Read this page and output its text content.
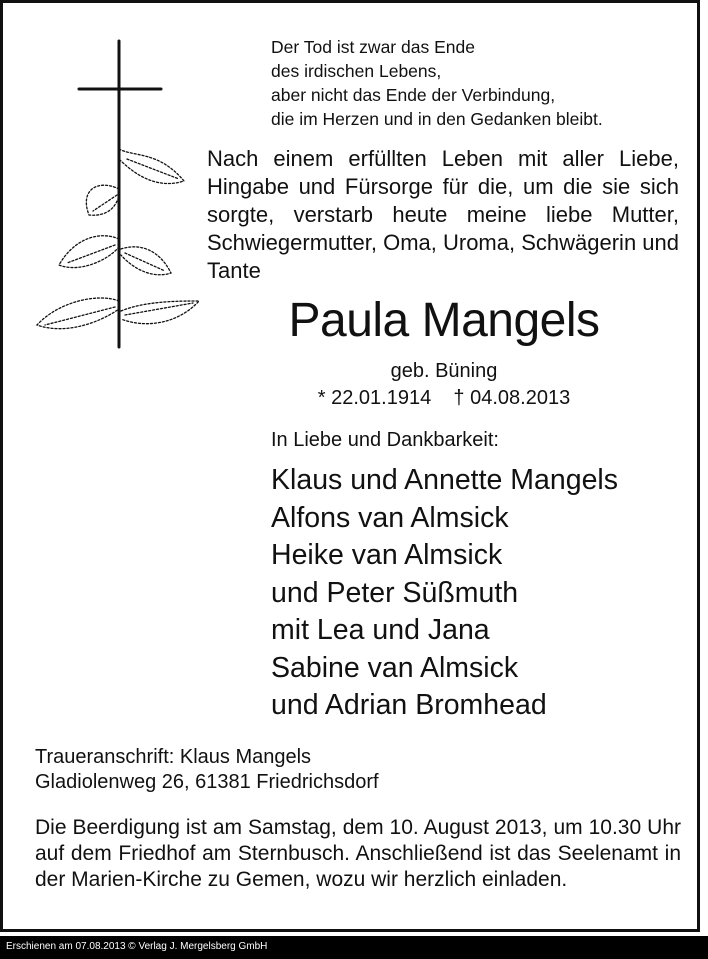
Der Tod ist zwar das Ende
des irdischen Lebens,
aber nicht das Ende der Verbindung,
die im Herzen und in den Gedanken bleibt.
Nach einem erfüllten Leben mit aller Liebe, Hingabe und Fürsorge für die, um die sie sich sorgte, verstarb heute meine liebe Mutter, Schwiegermutter, Oma, Uroma, Schwägerin und Tante
Paula Mangels
geb. Büning
* 22.01.1914    † 04.08.2013
In Liebe und Dankbarkeit:
Klaus und Annette Mangels
Alfons van Almsick
Heike van Almsick
und Peter Süßmuth
mit Lea und Jana
Sabine van Almsick
und Adrian Bromhead
Traueranschrift: Klaus Mangels
Gladiolenweg 26, 61381 Friedrichsdorf
Die Beerdigung ist am Samstag, dem 10. August 2013, um 10.30 Uhr auf dem Friedhof am Sternbusch. Anschließend ist das Seelenamt in der Marien-Kirche zu Gemen, wozu wir herzlich einladen.
Erschienen am 07.08.2013 © Verlag J. Mergelsberg GmbH
